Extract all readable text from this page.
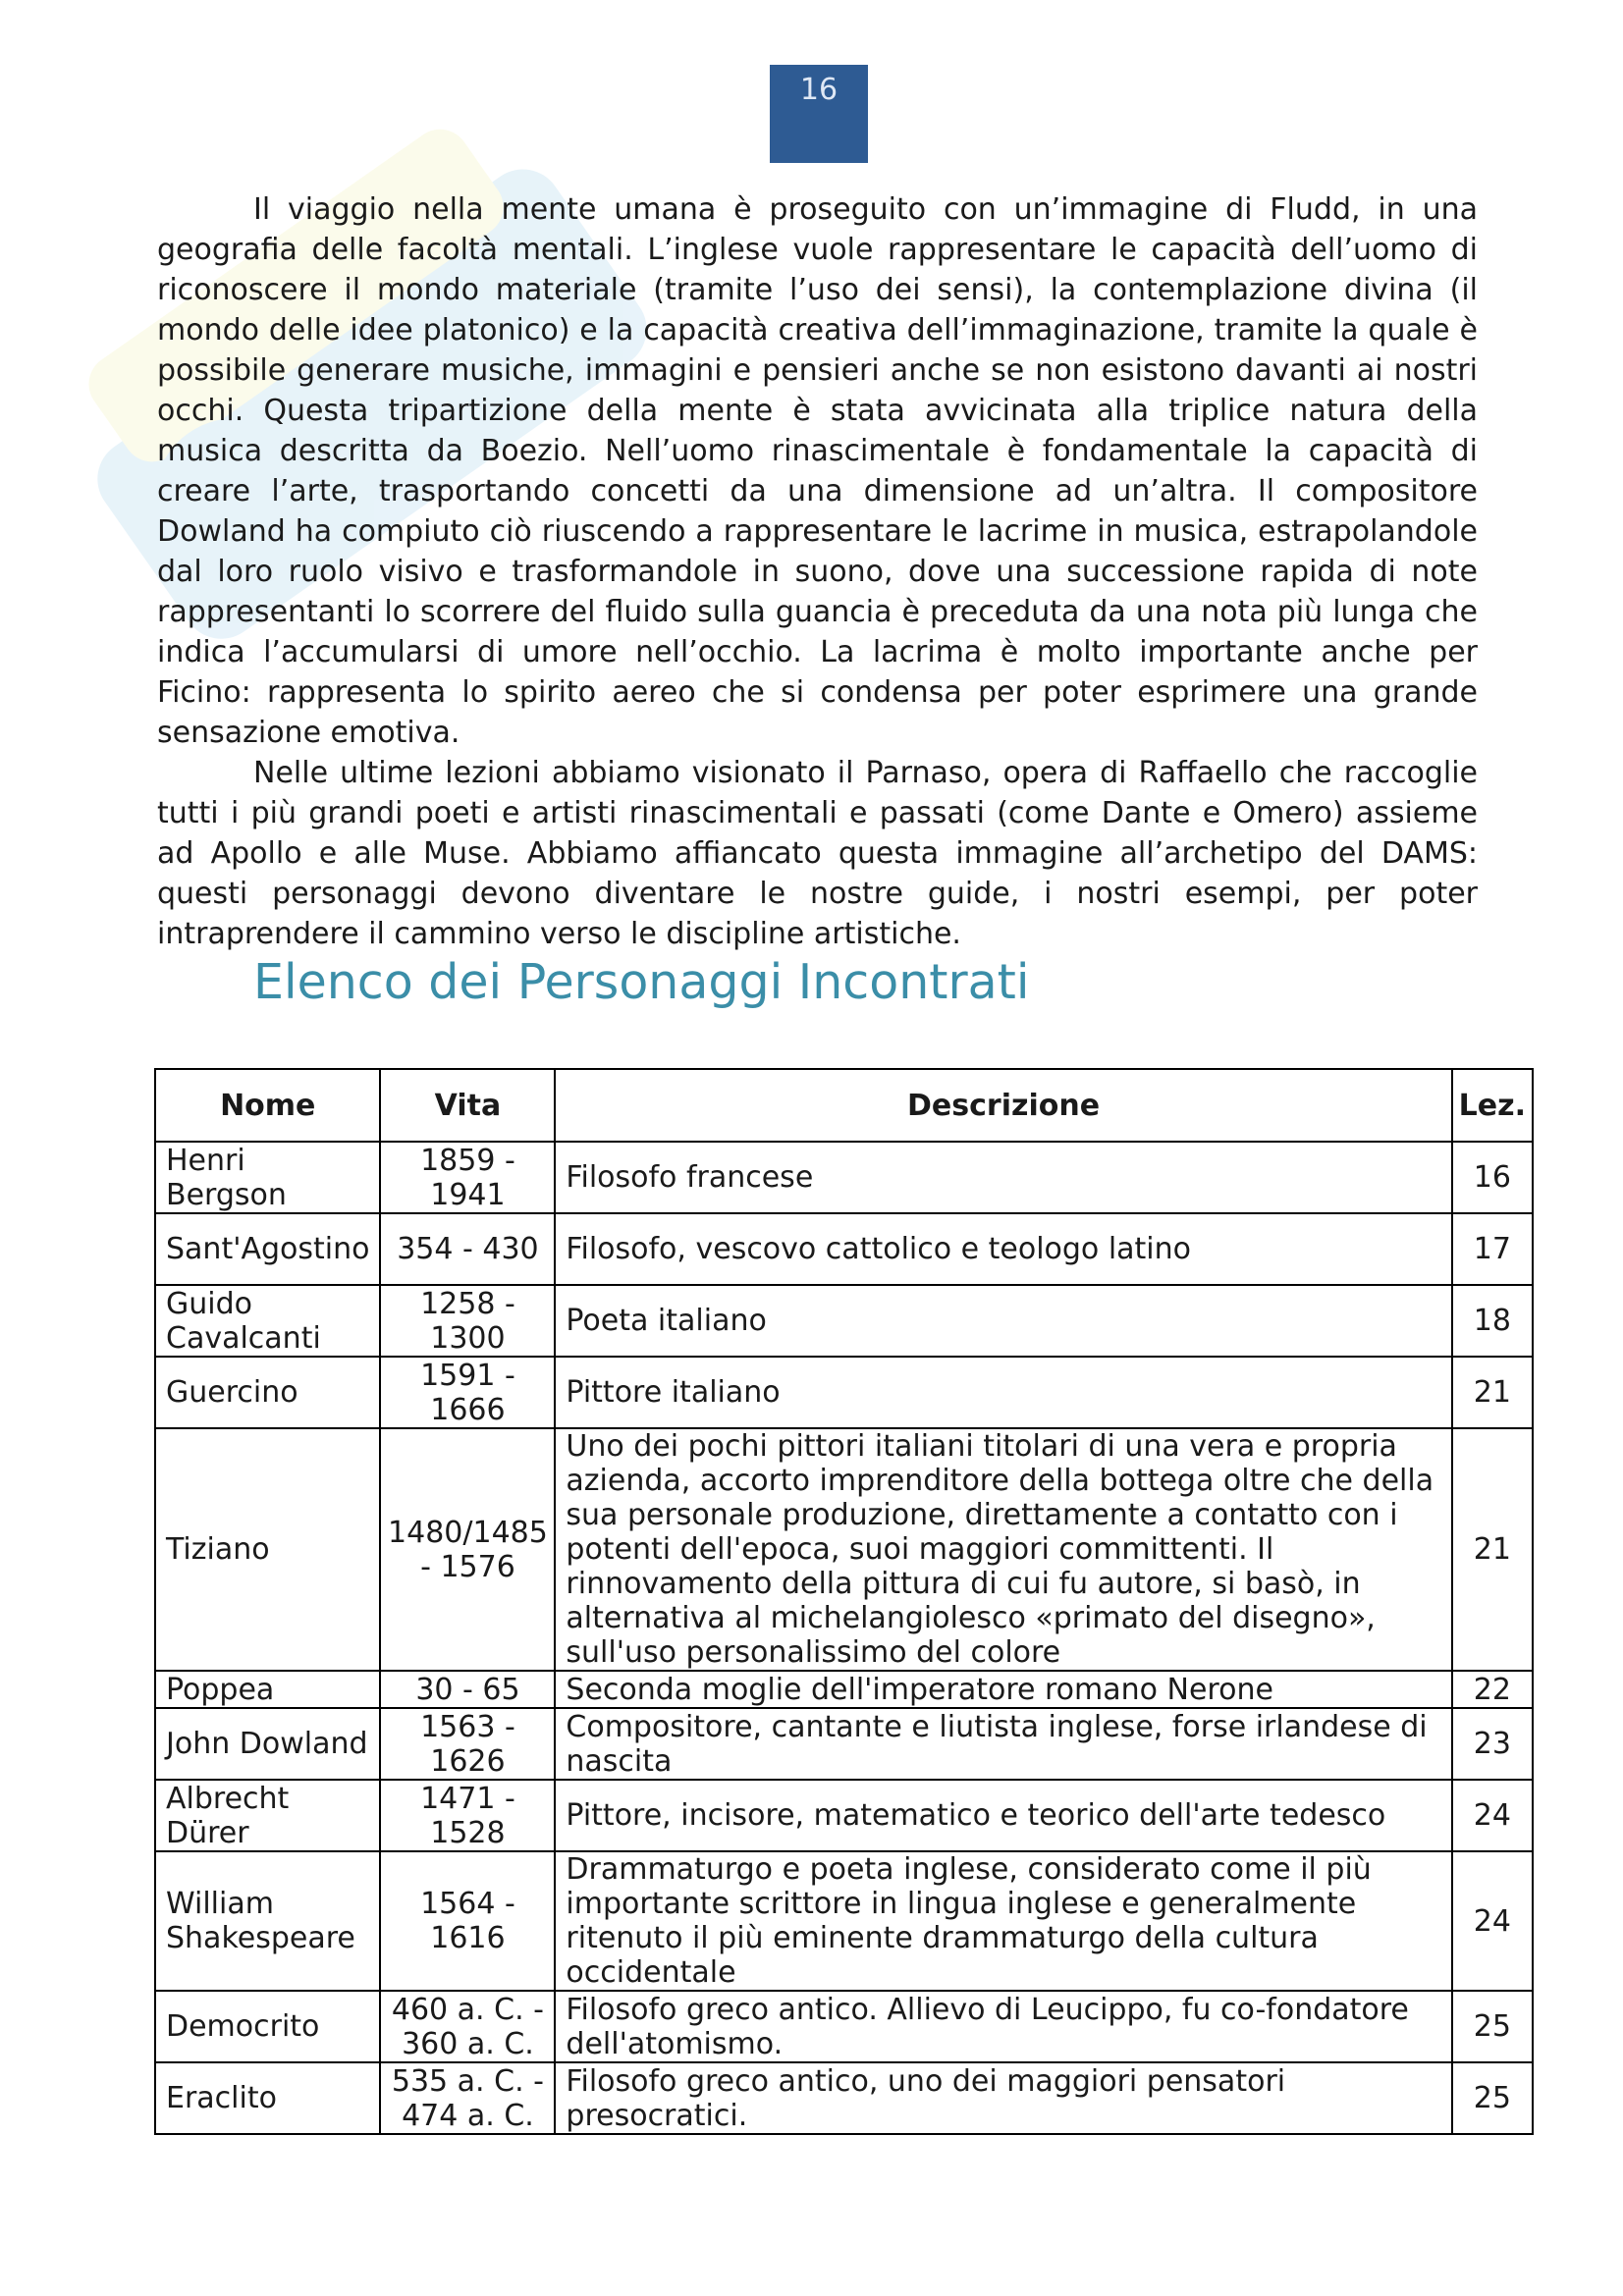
16

Il viaggio nella mente umana è proseguito con un’immagine di Fludd, in una geografia delle facoltà mentali. L’inglese vuole rappresentare le capacità dell’uomo di riconoscere il mondo materiale (tramite l’uso dei sensi), la contemplazione divina (il mondo delle idee platonico) e la capacità creativa dell’immaginazione, tramite la quale è possibile generare musiche, immagini e pensieri anche se non esistono davanti ai nostri occhi. Questa tripartizione della mente è stata avvicinata alla triplice natura della musica descritta da Boezio. Nell’uomo rinascimentale è fondamentale la capacità di creare l’arte, trasportando concetti da una dimensione ad un’altra. Il compositore Dowland ha compiuto ciò riuscendo a rappresentare le lacrime in musica, estrapolandole dal loro ruolo visivo e trasformandole in suono, dove una successione rapida di note rappresentanti lo scorrere del fluido sulla guancia è preceduta da una nota più lunga che indica l’accumularsi di umore nell’occhio. La lacrima è molto importante anche per Ficino: rappresenta lo spirito aereo che si condensa per poter esprimere una grande sensazione emotiva.

Nelle ultime lezioni abbiamo visionato il Parnaso, opera di Raffaello che raccoglie tutti i più grandi poeti e artisti rinascimentali e passati (come Dante e Omero) assieme ad Apollo e alle Muse. Abbiamo affiancato questa immagine all’archetipo del DAMS: questi personaggi devono diventare le nostre guide, i nostri esempi, per poter intraprendere il cammino verso le discipline artistiche.

Elenco dei Personaggi Incontrati
Nome	Vita	Descrizione	Lez.
Henri Bergson	1859 - 1941	Filosofo francese	16
Sant'Agostino	354 - 430	Filosofo, vescovo cattolico e teologo latino	17
Guido Cavalcanti	1258 - 1300	Poeta italiano	18
Guercino	1591 - 1666	Pittore italiano	21
Tiziano	1480/1485 - 1576	Uno dei pochi pittori italiani titolari di una vera e propria azienda, accorto imprenditore della bottega oltre che della sua personale produzione, direttamente a contatto con i potenti dell'epoca, suoi maggiori committenti. Il rinnovamento della pittura di cui fu autore, si basò, in alternativa al michelangiolesco «primato del disegno», sull'uso personalissimo del colore	21
Poppea	30 - 65	Seconda moglie dell'imperatore romano Nerone	22
John Dowland	1563 - 1626	Compositore, cantante e liutista inglese, forse irlandese di nascita	23
Albrecht Dürer	1471 - 1528	Pittore, incisore, matematico e teorico dell'arte tedesco	24
William Shakespeare	1564 - 1616	Drammaturgo e poeta inglese, considerato come il più importante scrittore in lingua inglese e generalmente ritenuto il più eminente drammaturgo della cultura occidentale	24
Democrito	460 a. C. - 360 a. C.	Filosofo greco antico. Allievo di Leucippo, fu co-fondatore dell'atomismo.	25
Eraclito	535 a. C. - 474 a. C.	Filosofo greco antico, uno dei maggiori pensatori presocratici.	25
